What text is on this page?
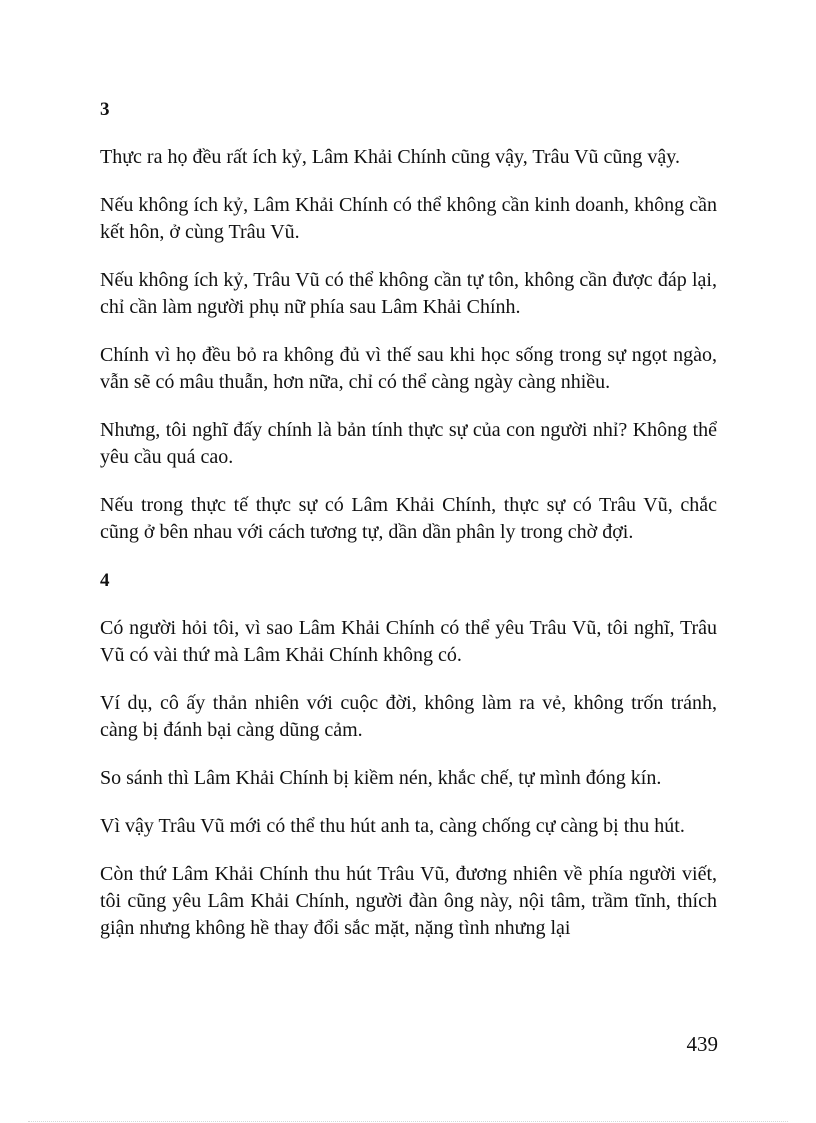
3

Thực ra họ đều rất ích kỷ, Lâm Khải Chính cũng vậy, Trâu Vũ cũng vậy.

Nếu không ích kỷ, Lâm Khải Chính có thể không cần kinh doanh, không cần kết hôn, ở cùng Trâu Vũ.

Nếu không ích kỷ, Trâu Vũ có thể không cần tự tôn, không cần được đáp lại, chỉ cần làm người phụ nữ phía sau Lâm Khải Chính.

Chính vì họ đều bỏ ra không đủ vì thế sau khi học sống trong sự ngọt ngào, vẫn sẽ có mâu thuẫn, hơn nữa, chỉ có thể càng ngày càng nhiều.

Nhưng, tôi nghĩ đấy chính là bản tính thực sự của con người nhỉ? Không thể yêu cầu quá cao.

Nếu trong thực tế thực sự có Lâm Khải Chính, thực sự có Trâu Vũ, chắc cũng ở bên nhau với cách tương tự, dần dần phân ly trong chờ đợi.

4

Có người hỏi tôi, vì sao Lâm Khải Chính có thể yêu Trâu Vũ, tôi nghĩ, Trâu Vũ có vài thứ mà Lâm Khải Chính không có.

Ví dụ, cô ấy thản nhiên với cuộc đời, không làm ra vẻ, không trốn tránh, càng bị đánh bại càng dũng cảm.

So sánh thì Lâm Khải Chính bị kiềm nén, khắc chế, tự mình đóng kín.

Vì vậy Trâu Vũ mới có thể thu hút anh ta, càng chống cự càng bị thu hút.

Còn thứ Lâm Khải Chính thu hút Trâu Vũ, đương nhiên về phía người viết, tôi cũng yêu Lâm Khải Chính, người đàn ông này, nội tâm, trầm tĩnh, thích giận nhưng không hề thay đổi sắc mặt, nặng tình nhưng lại

439
